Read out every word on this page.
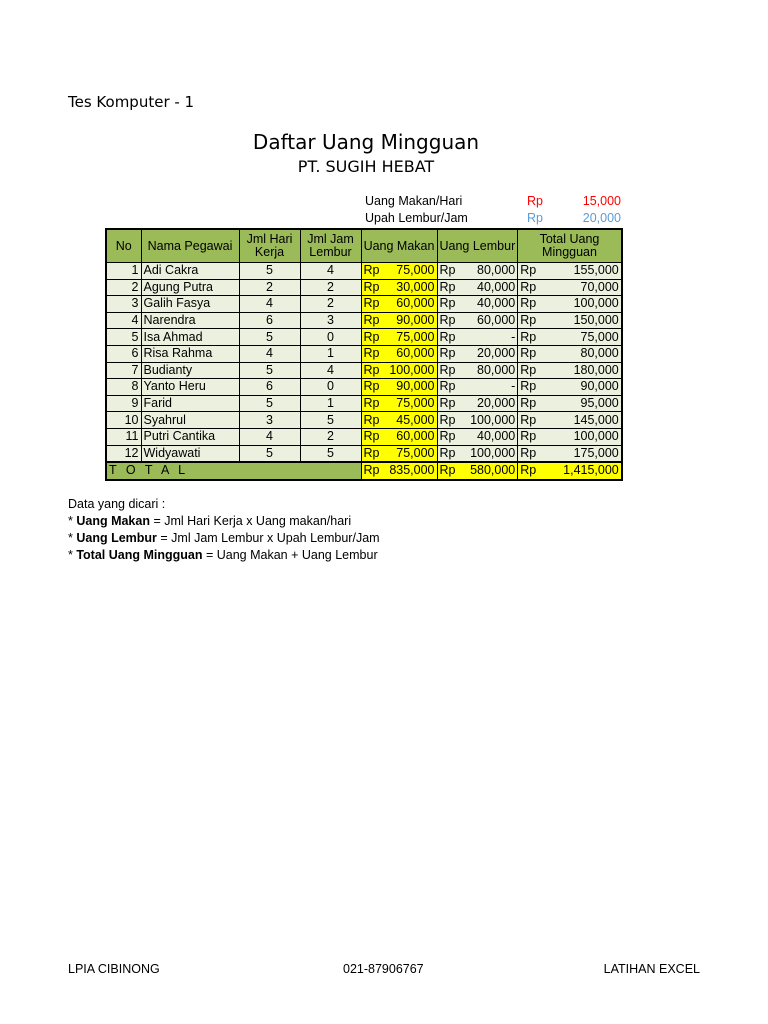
Tes Komputer - 1
Daftar Uang Mingguan
PT. SUGIH HEBAT
Uang Makan/Hari	Rp	15,000
Upah Lembur/Jam	Rp	20,000
No	Nama Pegawai	Jml Hari Kerja	Jml Jam Lembur	Uang Makan	Uang Lembur	Total Uang Mingguan
1	Adi Cakra	5	4	Rp 75,000	Rp 80,000	Rp 155,000

2	Agung Putra	2	2	Rp 30,000	Rp 40,000	Rp 70,000

3	Galih Fasya	4	2	Rp 60,000	Rp 40,000	Rp 100,000

4	Narendra	6	3	Rp 90,000	Rp 60,000	Rp 150,000

5	Isa Ahmad	5	0	Rp 75,000	Rp -	Rp 75,000

6	Risa Rahma	4	1	Rp 60,000	Rp 20,000	Rp 80,000

7	Budianty	5	4	Rp 100,000	Rp 80,000	Rp 180,000

8	Yanto Heru	6	0	Rp 90,000	Rp -	Rp 90,000

9	Farid	5	1	Rp 75,000	Rp 20,000	Rp 95,000

10	Syahrul	3	5	Rp 45,000	Rp 100,000	Rp 145,000

11	Putri Cantika	4	2	Rp 60,000	Rp 40,000	Rp 100,000

12	Widyawati	5	5	Rp 75,000	Rp 100,000	Rp 175,000

T O T A L				Rp 835,000	Rp 580,000	Rp 1,415,000
Data yang dicari :
* Uang Makan = Jml Hari Kerja x Uang makan/hari
* Uang Lembur = Jml Jam Lembur x Upah Lembur/Jam
* Total Uang Mingguan = Uang Makan + Uang Lembur
LPIA CIBINONG	021-87906767	LATIHAN EXCEL
